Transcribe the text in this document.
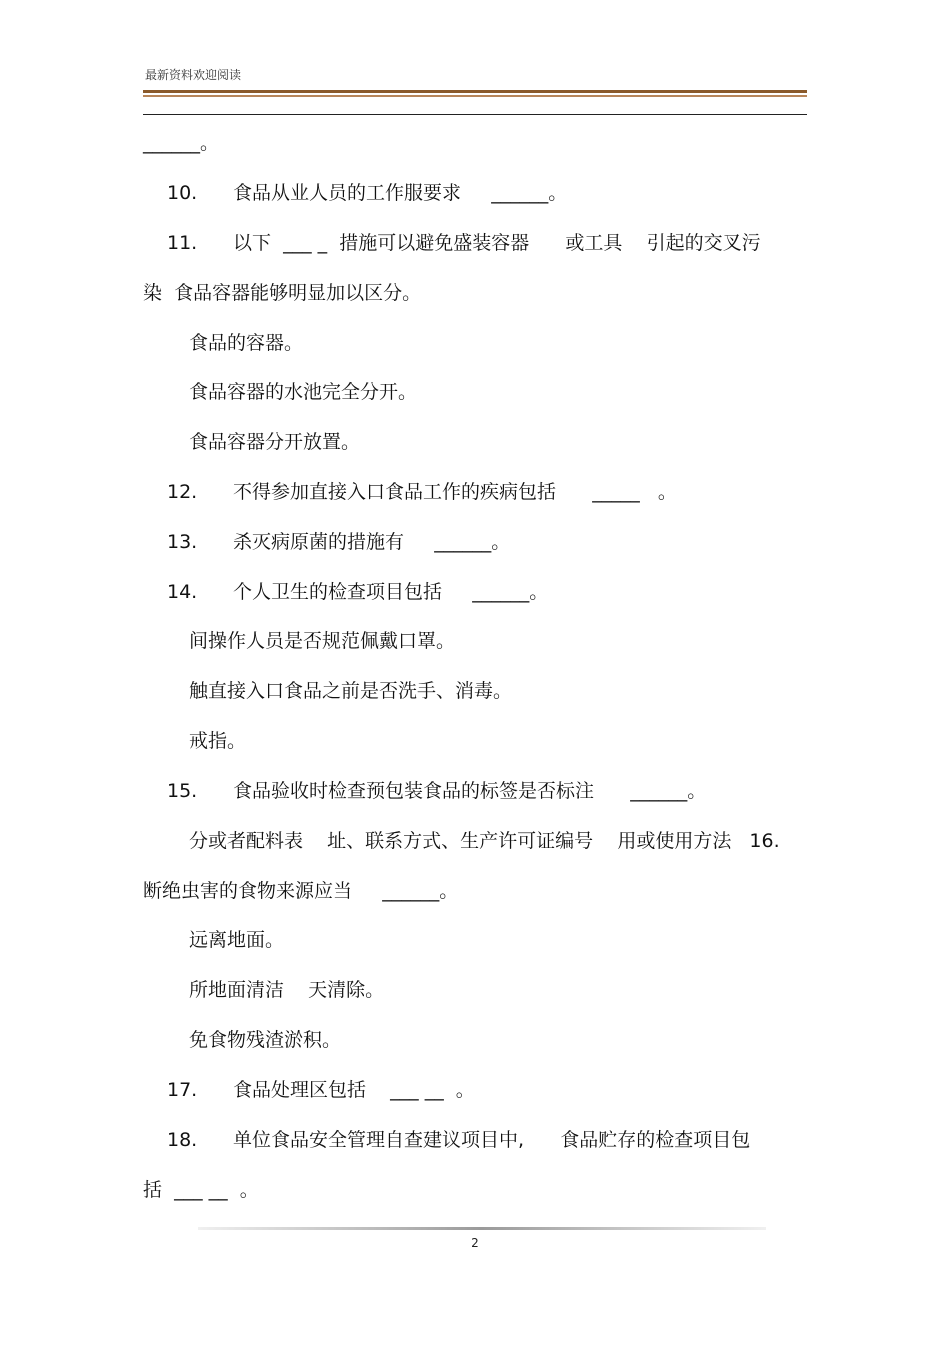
最新资料欢迎阅读
______。
10. 食品从业人员的工作服要求     ______。
11. 以下  ___ _  措施可以避免盛装容器      或工具    引起的交叉污
染  食品容器能够明显加以区分。
食品的容器。
食品容器的水池完全分开。
食品容器分开放置。
12. 不得参加直接入口食品工作的疾病包括      _____   。
13. 杀灭病原菌的措施有     ______。
14. 个人卫生的检查项目包括     ______。
间操作人员是否规范佩戴口罩。
触直接入口食品之前是否洗手、消毒。
戒指。
15. 食品验收时检查预包装食品的标签是否标注      ______。
分或者配料表    址、联系方式、生产许可证编号    用或使用方法   16.
断绝虫害的食物来源应当     ______。
远离地面。
所地面清洁    天清除。
免食物残渣淤积。
17. 食品处理区包括    ___ __  。
18. 单位食品安全管理自查建议项目中,      食品贮存的检查项目包
括  ___ __  。
2
